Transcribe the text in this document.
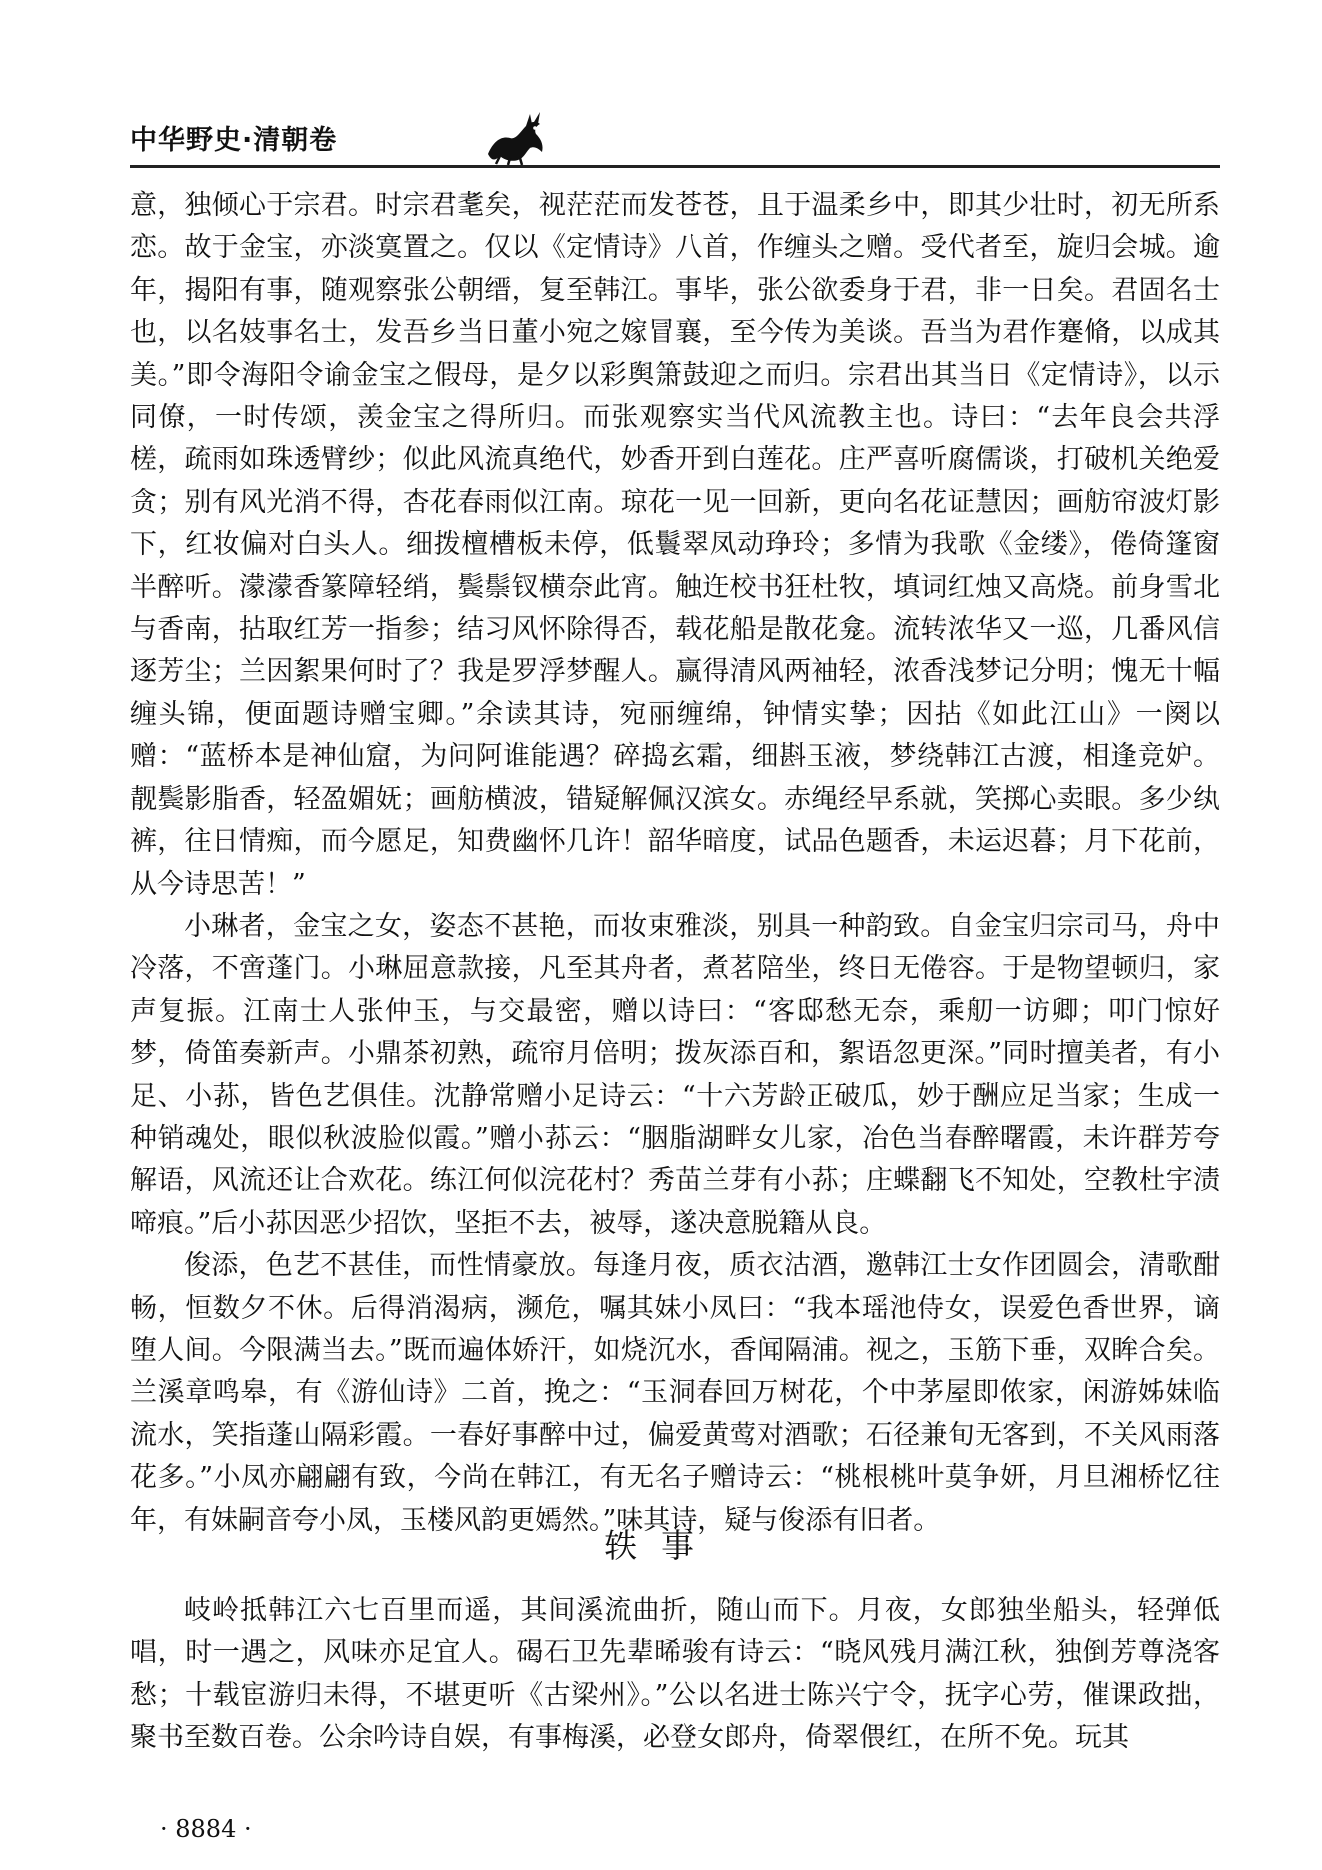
中华野史·清朝卷

意，独倾心于宗君。时宗君耄矣，视茫茫而发苍苍，且于温柔乡中，即其少壮时，初无所系恋。故于金宝，亦淡寞置之。仅以《定情诗》八首，作缠头之赠。受代者至，旋归会城。逾年，揭阳有事，随观察张公朝缙，复至韩江。事毕，张公欲委身于君，非一日矣。君固名士也，以名妓事名士，发吾乡当日董小宛之嫁冒襄，至今传为美谈。吾当为君作蹇脩，以成其美。”即令海阳令谕金宝之假母，是夕以彩舆箫鼓迎之而归。宗君出其当日《定情诗》，以示同僚，一时传颂，羡金宝之得所归。而张观察实当代风流教主也。诗曰：“去年良会共浮槎，疏雨如珠透臂纱；似此风流真绝代，妙香开到白莲花。庄严喜听腐儒谈，打破机关绝爱贪；别有风光消不得，杏花春雨似江南。琼花一见一回新，更向名花证慧因；画舫帘波灯影下，红妆偏对白头人。细拨檀槽板未停，低鬟翠凤动琤玲；多情为我歌《金缕》，倦倚篷窗半醉听。濛濛香篆障轻绡，鬓鬃钗横奈此宵。触迕校书狂杜牧，填词红烛又高烧。前身雪北与香南，拈取红芳一指参；结习风怀除得否，载花船是散花龛。流转浓华又一巡，几番风信逐芳尘；兰因絮果何时了？我是罗浮梦醒人。赢得清风两袖轻，浓香浅梦记分明；愧无十幅缠头锦，便面题诗赠宝卿。”余读其诗，宛丽缠绵，钟情实挚；因拈《如此江山》一阕以赠：“蓝桥本是神仙窟，为问阿谁能遇？碎捣玄霜，细斟玉液，梦绕韩江古渡，相逢竞妒。靓鬓影脂香，轻盈媚妩；画舫横波，错疑解佩汉滨女。赤绳经早系就，笑掷心卖眼。多少纨裤，往日情痴，而今愿足，知费幽怀几许！韶华暗度，试品色题香，未运迟暮；月下花前，从今诗思苦！”

小琳者，金宝之女，姿态不甚艳，而妆束雅淡，别具一种韵致。自金宝归宗司马，舟中冷落，不啻蓬门。小琳屈意款接，凡至其舟者，煮茗陪坐，终日无倦容。于是物望顿归，家声复振。江南士人张仲玉，与交最密，赠以诗曰：“客邸愁无奈，乘舠一访卿；叩门惊好梦，倚笛奏新声。小鼎茶初熟，疏帘月倍明；拨灰添百和，絮语忽更深。”同时擅美者，有小足、小荪，皆色艺俱佳。沈静常赠小足诗云：“十六芳龄正破瓜，妙于酬应足当家；生成一种销魂处，眼似秋波脸似霞。”赠小荪云：“胭脂湖畔女儿家，冶色当春醉曙霞，未许群芳夸解语，风流还让合欢花。练江何似浣花村？秀苗兰芽有小荪；庄蝶翻飞不知处，空教杜宇渍啼痕。”后小荪因恶少招饮，坚拒不去，被辱，遂决意脱籍从良。

俊添，色艺不甚佳，而性情豪放。每逢月夜，质衣沽酒，邀韩江士女作团圆会，清歌酣畅，恒数夕不休。后得消渴病，濒危，嘱其妹小凤曰：“我本瑶池侍女，误爱色香世界，谪堕人间。今限满当去。”既而遍体娇汗，如烧沉水，香闻隔浦。视之，玉筋下垂，双眸合矣。兰溪章鸣皋，有《游仙诗》二首，挽之：“玉洞春回万树花，个中茅屋即侬家，闲游姊妹临流水，笑指蓬山隔彩霞。一春好事醉中过，偏爱黄莺对酒歌；石径兼旬无客到，不关风雨落花多。”小凤亦翩翩有致，今尚在韩江，有无名子赠诗云：“桃根桃叶莫争妍，月旦湘桥忆往年，有妹嗣音夸小凤，玉楼风韵更嫣然。”味其诗，疑与俊添有旧者。

轶事

岐岭抵韩江六七百里而遥，其间溪流曲折，随山而下。月夜，女郎独坐船头，轻弹低唱，时一遇之，风味亦足宜人。碣石卫先辈晞骏有诗云：“晓风残月满江秋，独倒芳尊浇客愁；十载宦游归未得，不堪更听《古梁州》。”公以名进士陈兴宁令，抚字心劳，催课政拙，聚书至数百卷。公余吟诗自娱，有事梅溪，必登女郎舟，倚翠偎红，在所不免。玩其

· 8884 ·
